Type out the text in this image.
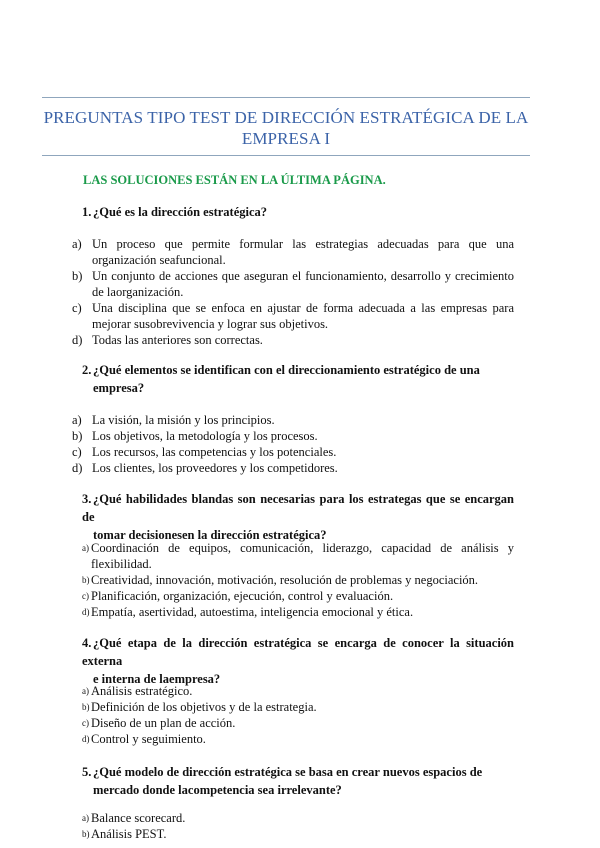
PREGUNTAS TIPO TEST DE DIRECCIÓN ESTRATÉGICA DE LA
EMPRESA I
LAS SOLUCIONES ESTÁN EN LA ÚLTIMA PÁGINA.
1. ¿Qué es la dirección estratégica?
a) Un proceso que permite formular las estrategias adecuadas para que una organización seafuncional.
b) Un conjunto de acciones que aseguran el funcionamiento, desarrollo y crecimiento de laorganización.
c) Una disciplina que se enfoca en ajustar de forma adecuada a las empresas para mejorar susobrevivencia y lograr sus objetivos.
d) Todas las anteriores son correctas.
2. ¿Qué elementos se identifican con el direccionamiento estratégico de una
empresa?
a) La visión, la misión y los principios.
b) Los objetivos, la metodología y los procesos.
c) Los recursos, las competencias y los potenciales.
d) Los clientes, los proveedores y los competidores.
3. ¿Qué habilidades blandas son necesarias para los estrategas que se encargan de
tomar decisionesen la dirección estratégica?
a) Coordinación de equipos, comunicación, liderazgo, capacidad de análisis y flexibilidad.
b) Creatividad, innovación, motivación, resolución de problemas y negociación.
c) Planificación, organización, ejecución, control y evaluación.
d) Empatía, asertividad, autoestima, inteligencia emocional y ética.
4. ¿Qué etapa de la dirección estratégica se encarga de conocer la situación externa
e interna de laempresa?
a) Análisis estratégico.
b) Definición de los objetivos y de la estrategia.
c) Diseño de un plan de acción.
d) Control y seguimiento.
5. ¿Qué modelo de dirección estratégica se basa en crear nuevos espacios de
mercado donde lacompetencia sea irrelevante?
a) Balance scorecard.
b) Análisis PEST.
